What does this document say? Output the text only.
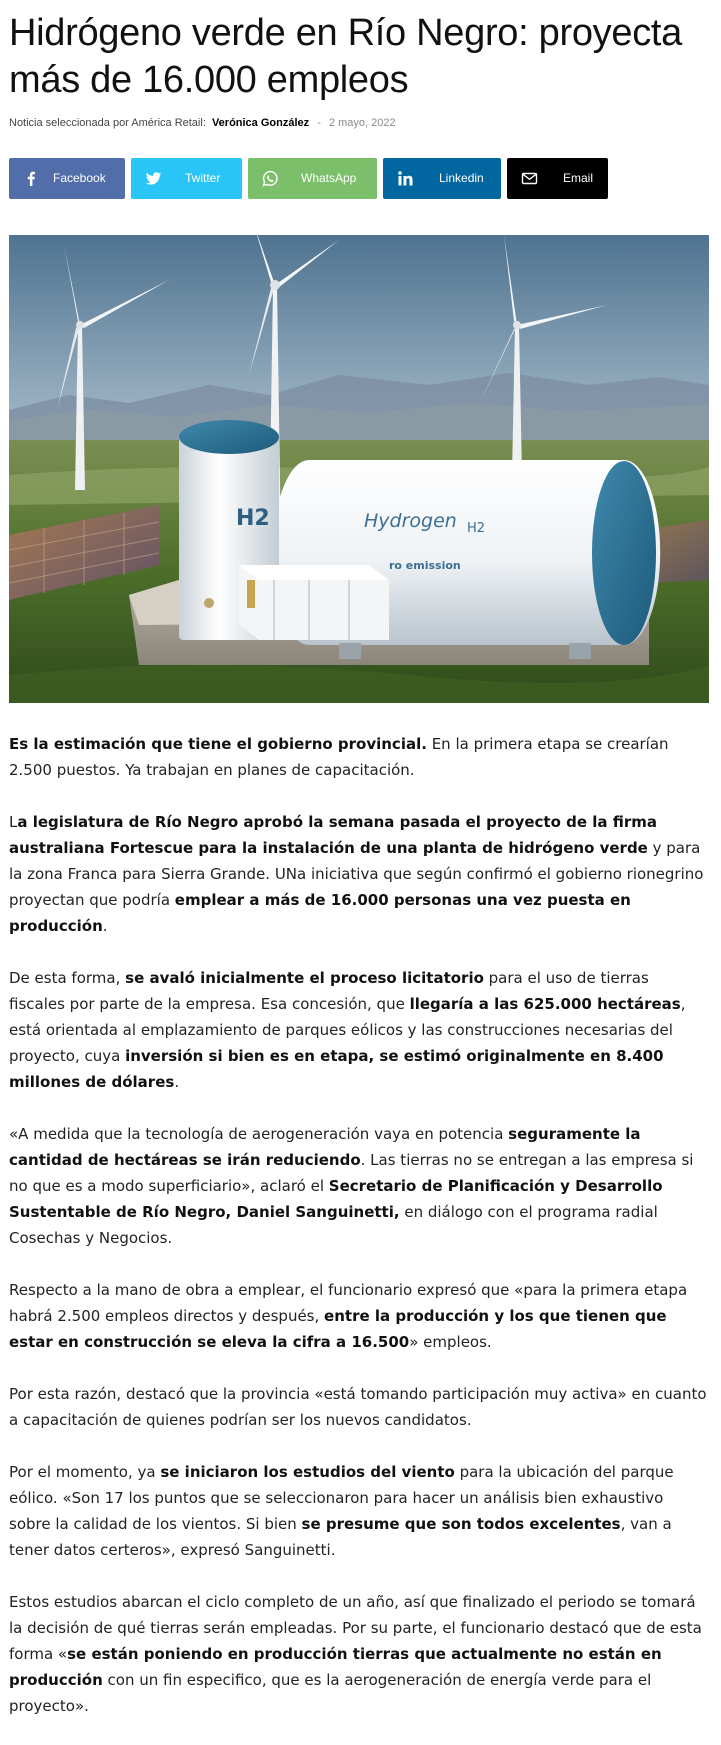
Hidrógeno verde en Río Negro: proyecta más de 16.000 empleos
Noticia seleccionada por América Retail: Verónica González - 2 mayo, 2022
Facebook	Twitter	WhatsApp	Linkedin	Email
Hydrogen H2
ro emission
H2

Es la estimación que tiene el gobierno provincial. En la primera etapa se crearían 2.500 puestos. Ya trabajan en planes de capacitación.

La legislatura de Río Negro aprobó la semana pasada el proyecto de la firma australiana Fortescue para la instalación de una planta de hidrógeno verde y para la zona Franca para Sierra Grande. UNa iniciativa que según confirmó el gobierno rionegrino proyectan que podría emplear a más de 16.000 personas una vez puesta en producción.

De esta forma, se avaló inicialmente el proceso licitatorio para el uso de tierras fiscales por parte de la empresa. Esa concesión, que llegaría a las 625.000 hectáreas, está orientada al emplazamiento de parques eólicos y las construcciones necesarias del proyecto, cuya inversión si bien es en etapa, se estimó originalmente en 8.400 millones de dólares.

«A medida que la tecnología de aerogeneración vaya en potencia seguramente la cantidad de hectáreas se irán reduciendo. Las tierras no se entregan a las empresa si no que es a modo superficiario», aclaró el Secretario de Planificación y Desarrollo Sustentable de Río Negro, Daniel Sanguinetti, en diálogo con el programa radial Cosechas y Negocios.

Respecto a la mano de obra a emplear, el funcionario expresó que «para la primera etapa habrá 2.500 empleos directos y después, entre la producción y los que tienen que estar en construcción se eleva la cifra a 16.500» empleos.

Por esta razón, destacó que la provincia «está tomando participación muy activa» en cuanto a capacitación de quienes podrían ser los nuevos candidatos.

Por el momento, ya se iniciaron los estudios del viento para la ubicación del parque eólico. «Son 17 los puntos que se seleccionaron para hacer un análisis bien exhaustivo sobre la calidad de los vientos. Si bien se presume que son todos excelentes, van a tener datos certeros», expresó Sanguinetti.

Estos estudios abarcan el ciclo completo de un año, así que finalizado el periodo se tomará la decisión de qué tierras serán empleadas. Por su parte, el funcionario destacó que de esta forma «se están poniendo en producción tierras que actualmente no están en producción con un fin especifico, que es la aerogeneración de energía verde para el proyecto».
